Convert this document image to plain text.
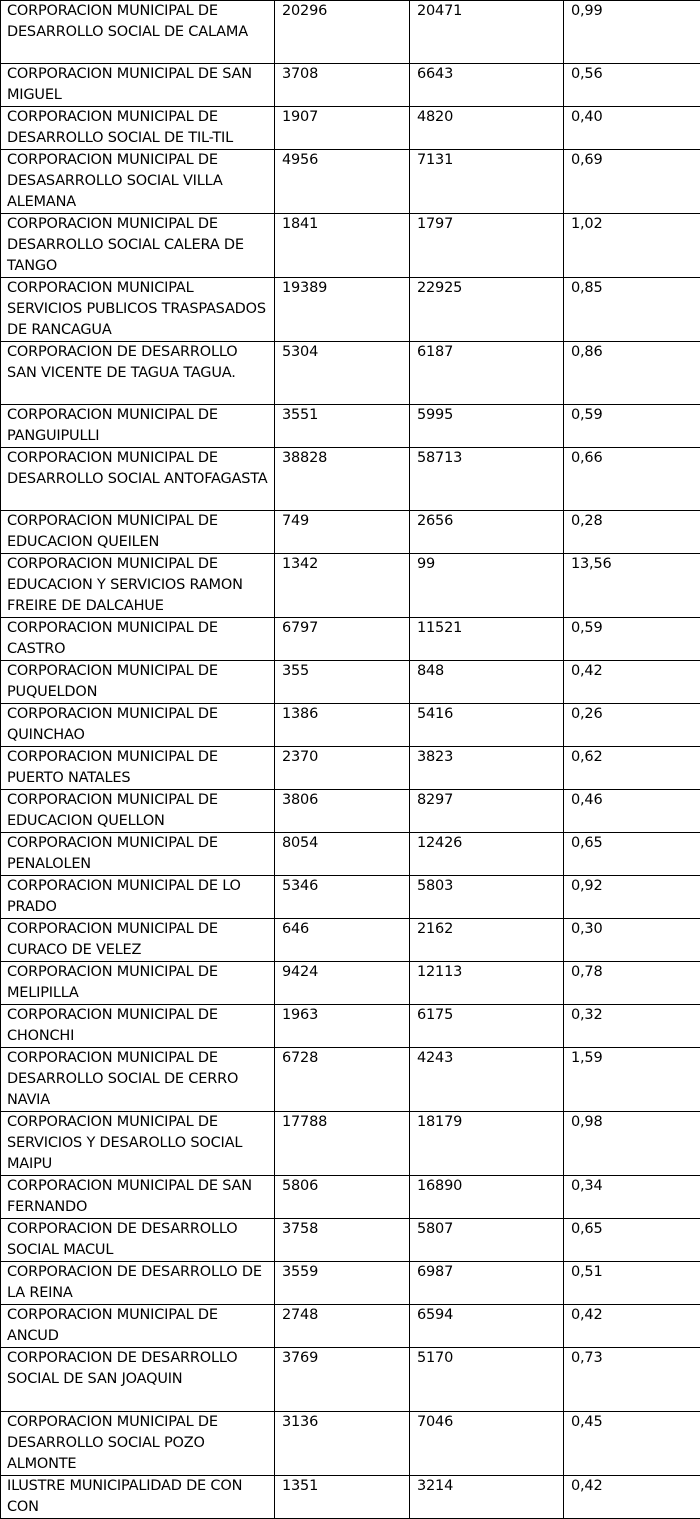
CORPORACION MUNICIPAL DE DESARROLLO SOCIAL DE CALAMA	20296	20471	0,99
CORPORACION MUNICIPAL DE SAN MIGUEL	3708	6643	0,56
CORPORACION MUNICIPAL DE DESARROLLO SOCIAL DE TIL-TIL	1907	4820	0,40
CORPORACION MUNICIPAL DE DESASARROLLO SOCIAL VILLA ALEMANA	4956	7131	0,69
CORPORACION MUNICIPAL DE DESARROLLO SOCIAL CALERA DE TANGO	1841	1797	1,02
CORPORACION MUNICIPAL SERVICIOS PUBLICOS TRASPASADOS DE RANCAGUA	19389	22925	0,85
CORPORACION DE DESARROLLO SAN VICENTE DE TAGUA TAGUA.	5304	6187	0,86
CORPORACION MUNICIPAL DE PANGUIPULLI	3551	5995	0,59
CORPORACION MUNICIPAL DE DESARROLLO SOCIAL ANTOFAGASTA	38828	58713	0,66
CORPORACION MUNICIPAL DE EDUCACION QUEILEN	749	2656	0,28
CORPORACION MUNICIPAL DE EDUCACION Y SERVICIOS RAMON FREIRE DE DALCAHUE	1342	99	13,56
CORPORACION MUNICIPAL DE CASTRO	6797	11521	0,59
CORPORACION MUNICIPAL DE PUQUELDON	355	848	0,42
CORPORACION MUNICIPAL DE QUINCHAO	1386	5416	0,26
CORPORACION MUNICIPAL DE PUERTO NATALES	2370	3823	0,62
CORPORACION MUNICIPAL DE EDUCACION QUELLON	3806	8297	0,46
CORPORACION MUNICIPAL DE PENALOLEN	8054	12426	0,65
CORPORACION MUNICIPAL DE LO PRADO	5346	5803	0,92
CORPORACION MUNICIPAL DE CURACO DE VELEZ	646	2162	0,30
CORPORACION MUNICIPAL DE MELIPILLA	9424	12113	0,78
CORPORACION MUNICIPAL DE CHONCHI	1963	6175	0,32
CORPORACION MUNICIPAL DE DESARROLLO SOCIAL DE CERRO NAVIA	6728	4243	1,59
CORPORACION MUNICIPAL DE SERVICIOS Y DESAROLLO SOCIAL MAIPU	17788	18179	0,98
CORPORACION MUNICIPAL DE SAN FERNANDO	5806	16890	0,34
CORPORACION DE DESARROLLO SOCIAL MACUL	3758	5807	0,65
CORPORACION DE DESARROLLO DE LA REINA	3559	6987	0,51
CORPORACION MUNICIPAL DE ANCUD	2748	6594	0,42
CORPORACION DE DESARROLLO SOCIAL DE SAN JOAQUIN	3769	5170	0,73
CORPORACION MUNICIPAL DE DESARROLLO SOCIAL POZO ALMONTE	3136	7046	0,45
ILUSTRE MUNICIPALIDAD DE CON CON	1351	3214	0,42
